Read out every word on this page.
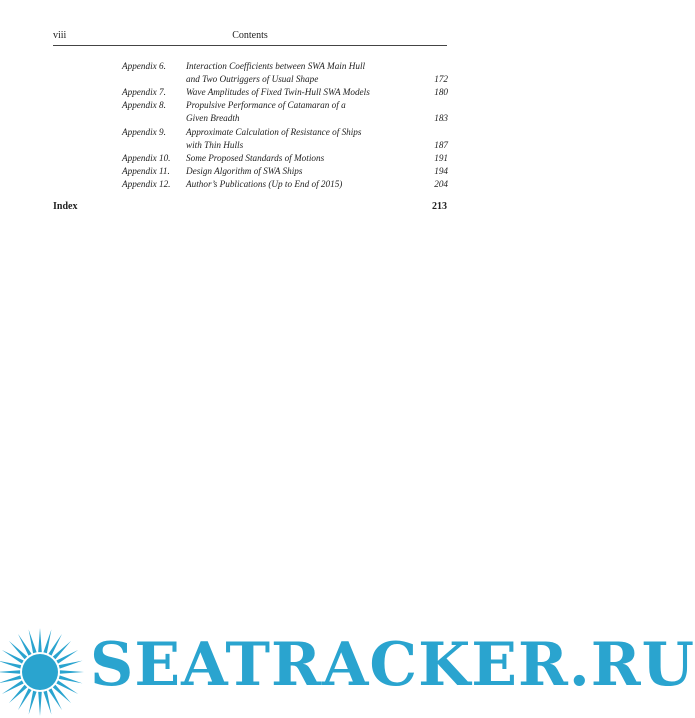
viii	Contents
Appendix 6. Interaction Coefficients between SWA Main Hull
and Two Outriggers of Usual Shape	172
Appendix 7. Wave Amplitudes of Fixed Twin-Hull SWA Models	180
Appendix 8. Propulsive Performance of Catamaran of a
Given Breadth	183
Appendix 9. Approximate Calculation of Resistance of Ships
with Thin Hulls	187
Appendix 10. Some Proposed Standards of Motions	191
Appendix 11. Design Algorithm of SWA Ships	194
Appendix 12. Author’s Publications (Up to End of 2015)	204
Index	213
SEATRACKER.RU
